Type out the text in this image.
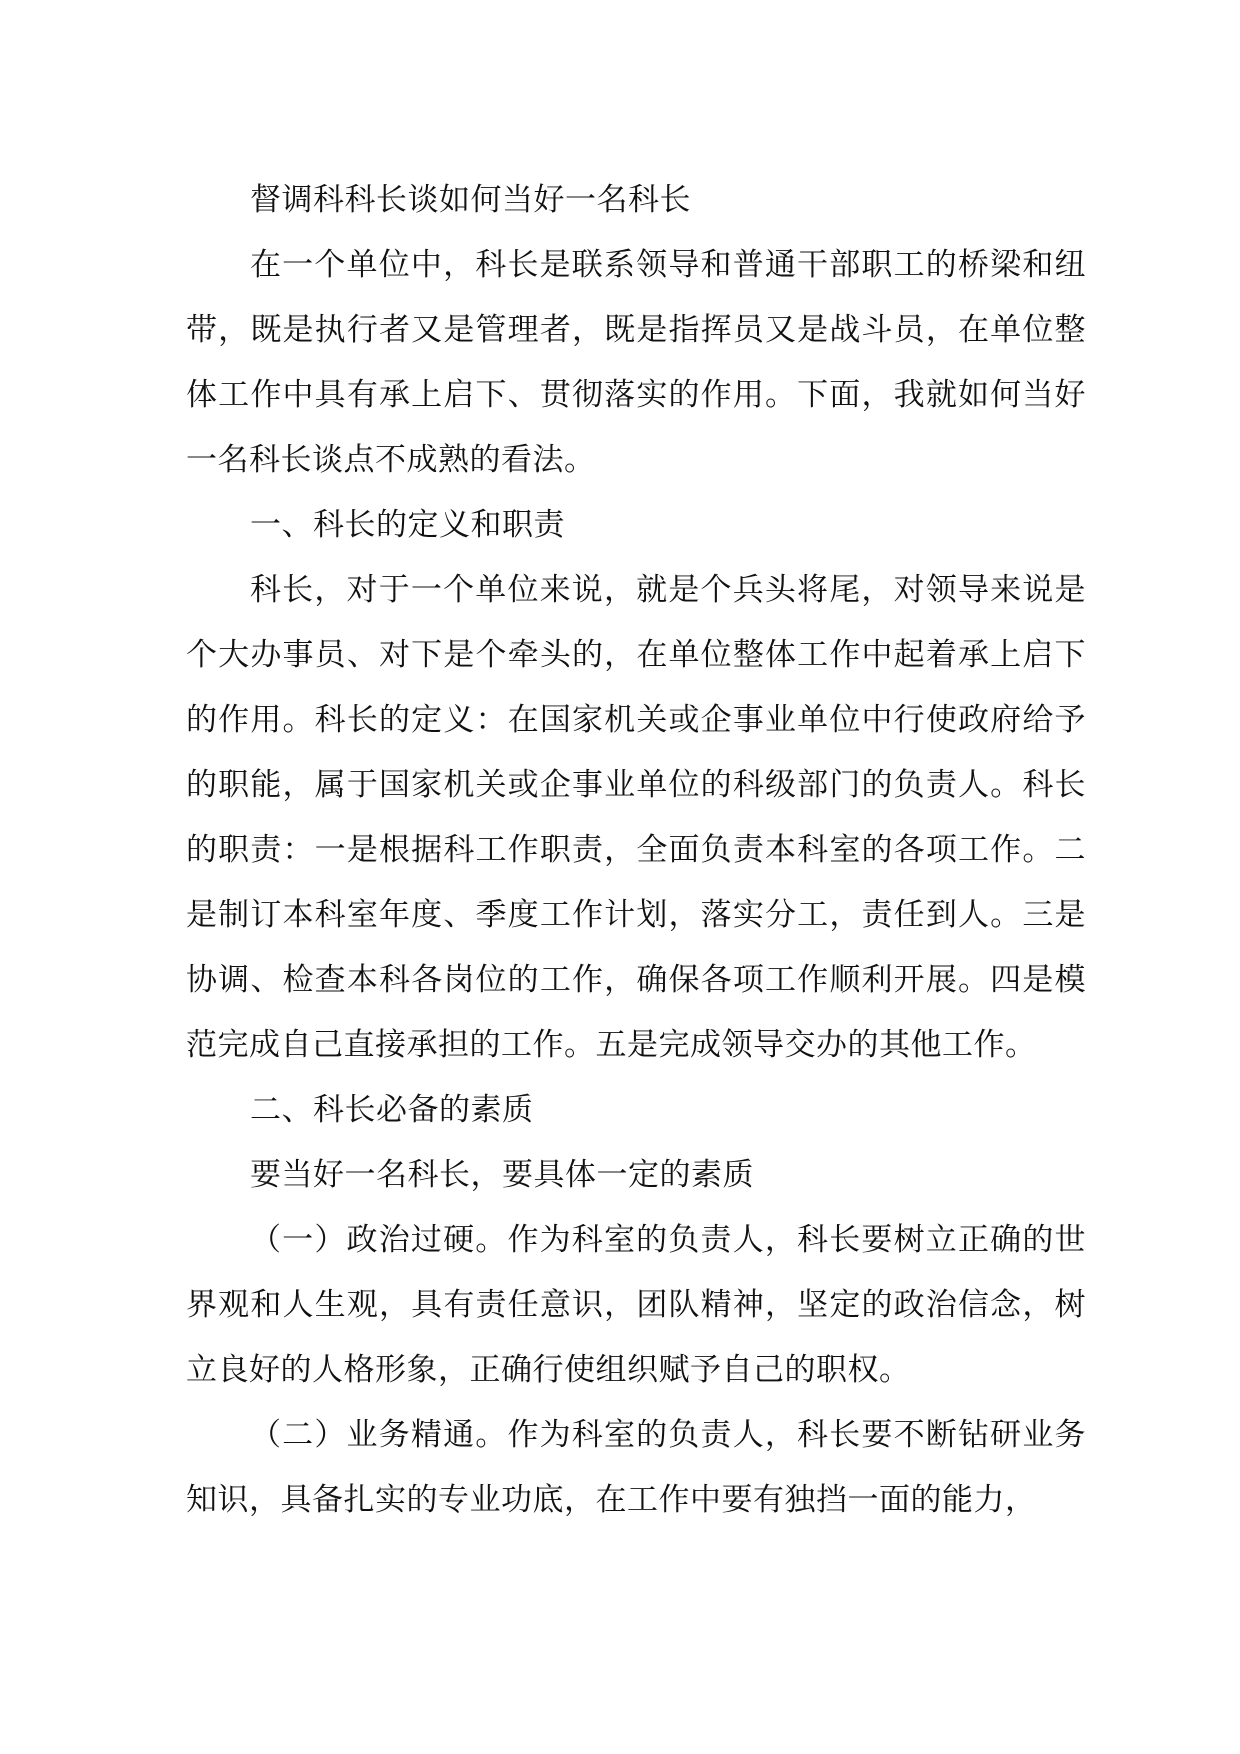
督调科科长谈如何当好一名科长

在一个单位中，科长是联系领导和普通干部职工的桥梁和纽带，既是执行者又是管理者，既是指挥员又是战斗员，在单位整体工作中具有承上启下、贯彻落实的作用。下面，我就如何当好一名科长谈点不成熟的看法。

一、科长的定义和职责

科长，对于一个单位来说，就是个兵头将尾，对领导来说是个大办事员、对下是个牵头的，在单位整体工作中起着承上启下的作用。科长的定义：在国家机关或企事业单位中行使政府给予的职能，属于国家机关或企事业单位的科级部门的负责人。科长的职责：一是根据科工作职责，全面负责本科室的各项工作。二是制订本科室年度、季度工作计划，落实分工，责任到人。三是协调、检查本科各岗位的工作，确保各项工作顺利开展。四是模范完成自己直接承担的工作。五是完成领导交办的其他工作。

二、科长必备的素质

要当好一名科长，要具体一定的素质

（一）政治过硬。作为科室的负责人，科长要树立正确的世界观和人生观，具有责任意识，团队精神，坚定的政治信念，树立良好的人格形象，正确行使组织赋予自己的职权。

（二）业务精通。作为科室的负责人，科长要不断钻研业务知识，具备扎实的专业功底，在工作中要有独挡一面的能力，
